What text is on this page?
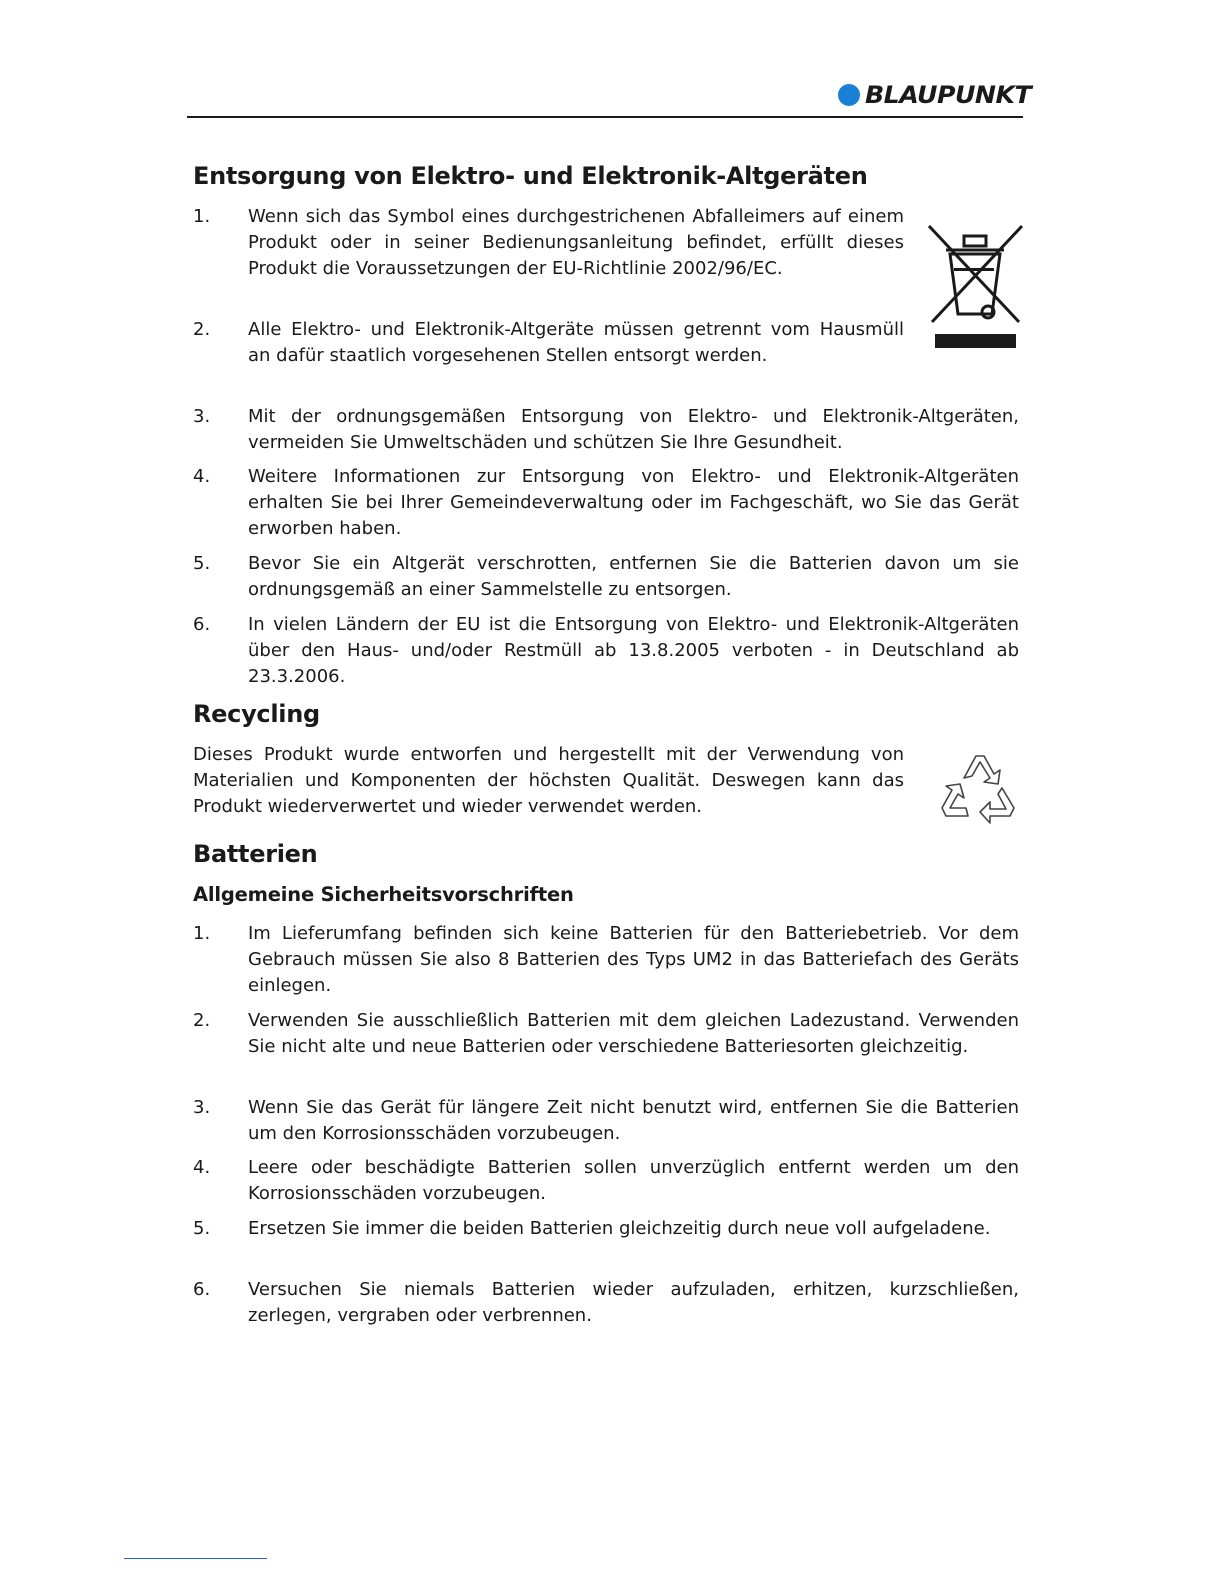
BLAUPUNKT
Entsorgung von Elektro- und Elektronik-Altgeräten
1.	Wenn sich das Symbol eines durchgestrichenen Abfalleimers auf einem Produkt oder in seiner Bedienungsanleitung befindet, erfüllt dieses Produkt die Voraussetzungen der EU-Richtlinie 2002/96/EC.
2.	Alle Elektro- und Elektronik-Altgeräte müssen getrennt vom Hausmüll an dafür staatlich vorgesehenen Stellen entsorgt werden.
3.	Mit der ordnungsgemäßen Entsorgung von Elektro- und Elektronik-Altgeräten, vermeiden Sie Umweltschäden und schützen Sie Ihre Gesundheit.
4.	Weitere Informationen zur Entsorgung von Elektro- und Elektronik-Altgeräten erhalten Sie bei Ihrer Gemeindeverwaltung oder im Fachgeschäft, wo Sie das Gerät erworben haben.
5.	Bevor Sie ein Altgerät verschrotten, entfernen Sie die Batterien davon um sie ordnungsgemäß an einer Sammelstelle zu entsorgen.
6.	In vielen Ländern der EU ist die Entsorgung von Elektro- und Elektronik-Altgeräten über den Haus- und/oder Restmüll ab 13.8.2005 verboten - in Deutschland ab 23.3.2006.
Recycling

Dieses Produkt wurde entworfen und hergestellt mit der Verwendung von Materialien und Komponenten der höchsten Qualität. Deswegen kann das Produkt wiederverwertet und wieder verwendet werden.

Batterien
Allgemeine Sicherheitsvorschriften
1.	Im Lieferumfang befinden sich keine Batterien für den Batteriebetrieb. Vor dem Gebrauch müssen Sie also 8 Batterien des Typs UM2 in das Batteriefach des Geräts einlegen.
2.	Verwenden Sie ausschließlich Batterien mit dem gleichen Ladezustand. Verwenden Sie nicht alte und neue Batterien oder verschiedene Batteriesorten gleichzeitig.
3.	Wenn Sie das Gerät für längere Zeit nicht benutzt wird, entfernen Sie die Batterien um den Korrosionsschäden vorzubeugen.
4.	Leere oder beschädigte Batterien sollen unverzüglich entfernt werden um den Korrosionsschäden vorzubeugen.
5.	Ersetzen Sie immer die beiden Batterien gleichzeitig durch neue voll aufgeladene.
6.	Versuchen Sie niemals Batterien wieder aufzuladen, erhitzen, kurzschließen, zerlegen, vergraben oder verbrennen.
